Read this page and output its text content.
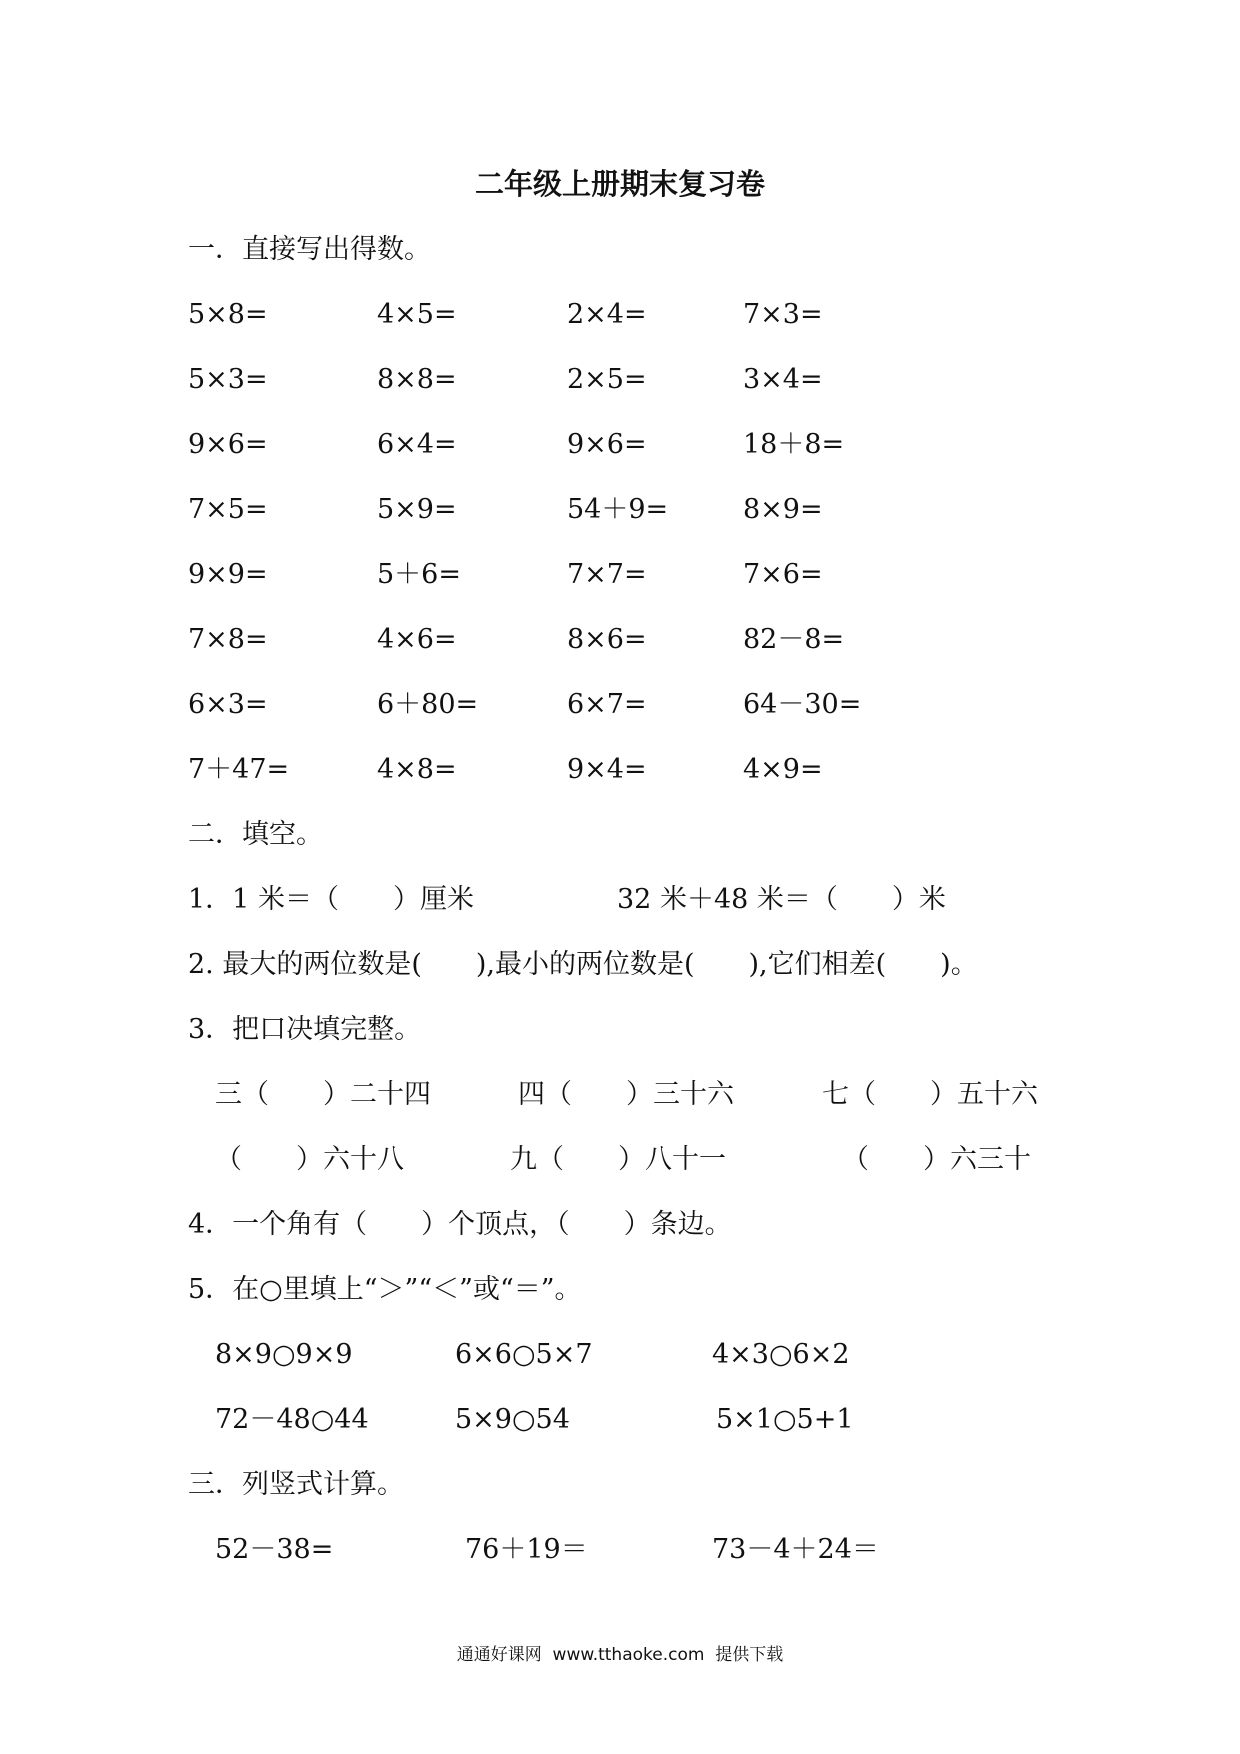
二年级上册期末复习卷
一．直接写出得数。
5×8=	4×5=	2×4=	7×3=
5×3=	8×8=	2×5=	3×4=
9×6=	6×4=	9×6=	18＋8=
7×5=	5×9=	54＋9=	8×9=
9×9=	5＋6=	7×7=	7×6=
7×8=	4×6=	8×6=	82－8=
6×3=	6＋80=	6×7=	64－30=
7＋47=	4×8=	9×4=	4×9=
二．填空。
1．1 米＝（　　）厘米	32 米＋48 米＝（　　）米
2. 最大的两位数是(　　),最小的两位数是(　　),它们相差(　　)。
3．把口决填完整。
三（　　）二十四	四（　　）三十六	七（　　）五十六
（　　）六十八	九（　　）八十一	（　　）六三十
4．一个角有（　　）个顶点，（　　）条边。
5．在○里填上“＞”“＜”或“＝”。
8×9○9×9	6×6○5×7	4×3○6×2
72－48○44	5×9○54	5×1○5+1
三．列竖式计算。
52－38=	76＋19＝	73－4＋24＝
通通好课网  www.tthaoke.com  提供下载
